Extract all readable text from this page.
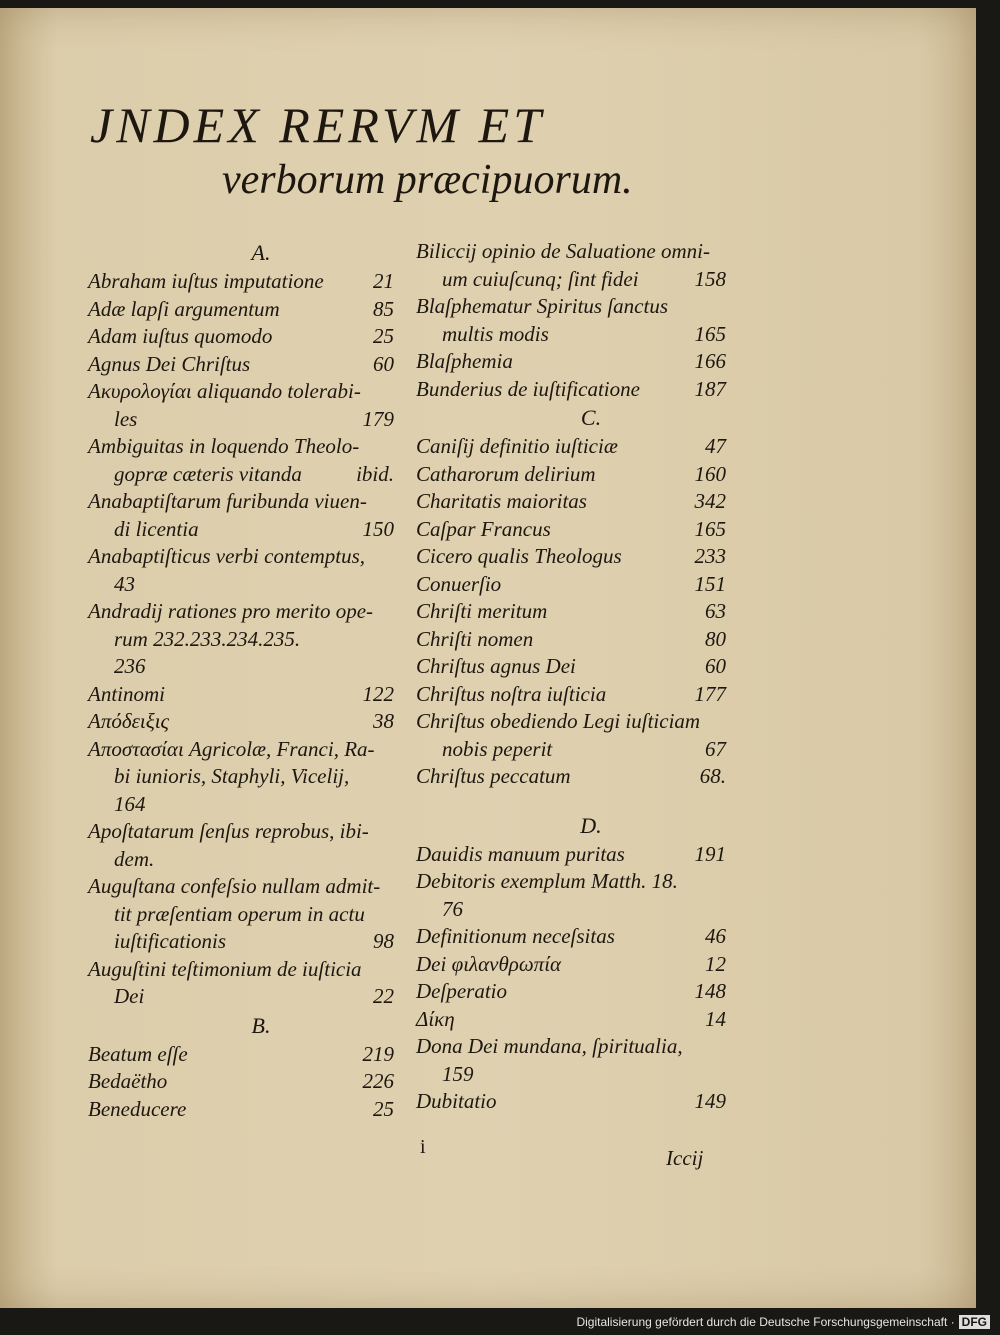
JNDEX RERVM ET
verborum præcipuorum.
A.
Abraham iuſtus imputatione	21
Adæ lapſi argumentum	85
Adam iuſtus quomodo	25
Agnus Dei Chriſtus	60
Ακυρολογίαι aliquando tolerabi-
les	179
Ambiguitas in loquendo Theolo-
gopræ cæteris vitanda	ibid.
Anabaptiſtarum furibunda viuen-
di licentia	150
Anabaptiſticus verbi contemptus,
43
Andradij rationes pro merito ope-
rum 232.233.234.235.
236
Antinomi	122
Απόδειξις	38
Αποστασίαι Agricolæ, Franci, Ra-
bi iunioris, Staphyli, Vicelij,
164
Apoſtatarum ſenſus reprobus, ibi-
dem.
Auguſtana confeſsio nullam admit-
tit præſentiam operum in actu
iuſtificationis	98
Auguſtini teſtimonium de iuſticia
Dei	22
B.
Beatum eſſe	219
Bedaëtho	226
Beneducere	25
Biliccij opinio de Saluatione omni-
um cuiuſcunq; ſint fidei	158
Blaſphematur Spiritus ſanctus
multis modis	165
Blaſphemia	166
Bunderius de iuſtificatione	187
C.
Caniſij definitio iuſticiæ	47
Catharorum delirium	160
Charitatis maioritas	342
Caſpar Francus	165
Cicero qualis Theologus	233
Conuerſio	151
Chriſti meritum	63
Chriſti nomen	80
Chriſtus agnus Dei	60
Chriſtus noſtra iuſticia	177
Chriſtus obediendo Legi iuſticiam
nobis peperit	67
Chriſtus peccatum	68.
D.
Dauidis manuum puritas	191
Debitoris exemplum Matth. 18.
76
Definitionum neceſsitas	46
Dei φιλανθρωπία	12
Deſperatio	148
Δίκη	14
Dona Dei mundana, ſpiritualia,
159
Dubitatio	149
i	Iccij
Digitalisierung gefördert durch die Deutsche Forschungsgemeinschaft · DFG
